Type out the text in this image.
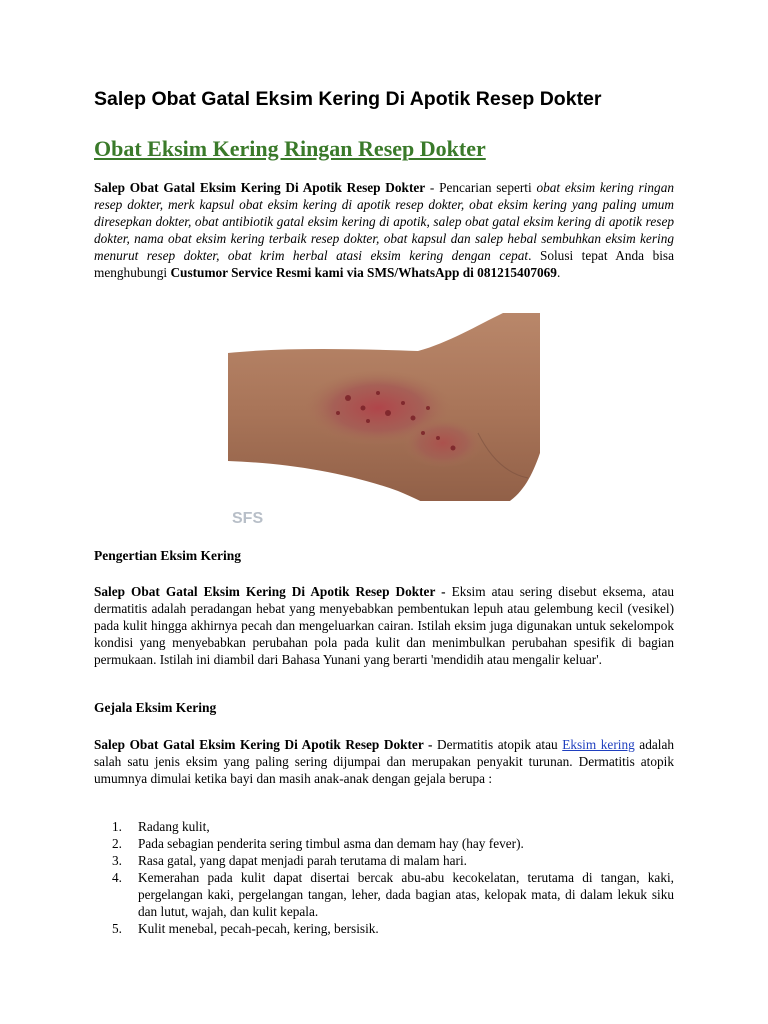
Salep Obat Gatal Eksim Kering Di Apotik Resep Dokter
Obat Eksim Kering Ringan Resep Dokter

Salep Obat Gatal Eksim Kering Di Apotik Resep Dokter - Pencarian seperti obat eksim kering ringan resep dokter, merk kapsul obat eksim kering di apotik resep dokter, obat eksim kering yang paling umum diresepkan dokter, obat antibiotik gatal eksim kering di apotik, salep obat gatal eksim kering di apotik resep dokter, nama obat eksim kering terbaik resep dokter, obat kapsul dan salep hebal sembuhkan eksim kering menurut resep dokter, obat krim herbal atasi eksim kering dengan cepat. Solusi tepat Anda bisa menghubungi Custumor Service Resmi kami via SMS/WhatsApp di 081215407069.

SFS
Pengertian Eksim Kering

Salep Obat Gatal Eksim Kering Di Apotik Resep Dokter - Eksim atau sering disebut eksema, atau dermatitis adalah peradangan hebat yang menyebabkan pembentukan lepuh atau gelembung kecil (vesikel) pada kulit hingga akhirnya pecah dan mengeluarkan cairan. Istilah eksim juga digunakan untuk sekelompok kondisi yang menyebabkan perubahan pola pada kulit dan menimbulkan perubahan spesifik di bagian permukaan. Istilah ini diambil dari Bahasa Yunani yang berarti 'mendidih atau mengalir keluar'.

Gejala Eksim Kering

Salep Obat Gatal Eksim Kering Di Apotik Resep Dokter - Dermatitis atopik atau Eksim kering adalah salah satu jenis eksim yang paling sering dijumpai dan merupakan penyakit turunan. Dermatitis atopik umumnya dimulai ketika bayi dan masih anak-anak dengan gejala berupa :

1. Radang kulit,
2. Pada sebagian penderita sering timbul asma dan demam hay (hay fever).
3. Rasa gatal, yang dapat menjadi parah terutama di malam hari.
4. Kemerahan pada kulit dapat disertai bercak abu-abu kecokelatan, terutama di tangan, kaki, pergelangan kaki, pergelangan tangan, leher, dada bagian atas, kelopak mata, di dalam lekuk siku dan lutut, wajah, dan kulit kepala.
5. Kulit menebal, pecah-pecah, kering, bersisik.
